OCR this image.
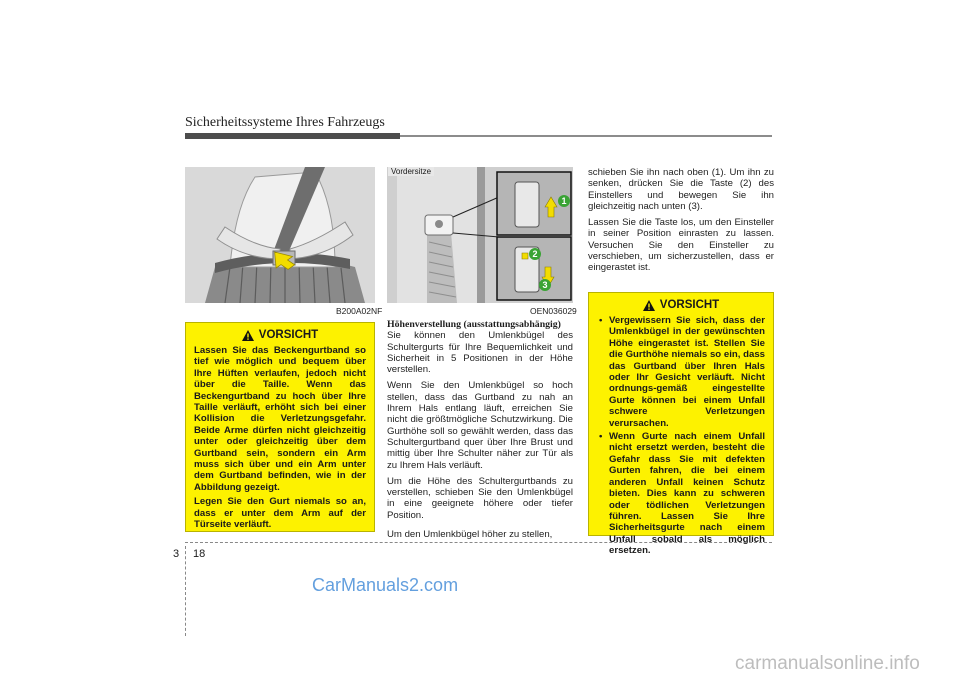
Sicherheitssysteme Ihres Fahrzeugs
B200A02NF
VORSICHT
Lassen Sie das Beckengurtband so tief wie möglich und bequem über Ihre Hüften verlaufen, jedoch nicht über die Taille. Wenn das Beckengurtband zu hoch über Ihre Taille verläuft, erhöht sich bei einer Kollision die Verletzungsgefahr. Beide Arme dürfen nicht gleichzeitig unter oder gleichzeitig über dem Gurtband sein, sondern ein Arm muss sich über und ein Arm unter dem Gurtband befinden, wie in der Abbildung gezeigt.
Legen Sie den Gurt niemals so an, dass er unter dem Arm auf der Türseite verläuft.
Vordersitze
1
2
3
OEN036029
Höhenverstellung (ausstattungsabhängig)

Sie können den Umlenkbügel des Schultergurts für Ihre Bequemlichkeit und Sicherheit in 5 Positionen in der Höhe verstellen.

Wenn Sie den Umlenkbügel so hoch stellen, dass das Gurtband zu nah an Ihrem Hals entlang läuft, erreichen Sie nicht die größtmögliche Schutzwirkung. Die Gurthöhe soll so gewählt werden, dass das Schultergurtband quer über Ihre Brust und mittig über Ihre Schulter näher zur Tür als zu Ihrem Hals verläuft.

Um die Höhe des Schultergurtbands zu verstellen, schieben Sie den Umlenkbügel in eine geeignete höhere oder tiefer Position.

Um den Umlenkbügel höher zu stellen,

schieben Sie ihn nach oben (1). Um ihn zu senken, drücken Sie die Taste (2) des Einstellers und bewegen Sie ihn gleichzeitig nach unten (3).

Lassen Sie die Taste los, um den Einsteller in seiner Position einrasten zu lassen. Versuchen Sie den Einsteller zu verschieben, um sicherzustellen, dass er eingerastet ist.

VORSICHT
• Vergewissern Sie sich, dass der Umlenkbügel in der gewünschten Höhe eingerastet ist. Stellen Sie die Gurthöhe niemals so ein, dass das Gurtband über Ihren Hals oder Ihr Gesicht verläuft. Nicht ordnungs-gemäß eingestellte Gurte können bei einem Unfall schwere Verletzungen verursachen.
• Wenn Gurte nach einem Unfall nicht ersetzt werden, besteht die Gefahr dass Sie mit defekten Gurten fahren, die bei einem anderen Unfall keinen Schutz bieten. Dies kann zu schweren oder tödlichen Verletzungen führen. Lassen Sie Ihre Sicherheitsgurte nach einem Unfall sobald als möglich ersetzen.
3 18
CarManuals2.com
carmanualsonline.info
